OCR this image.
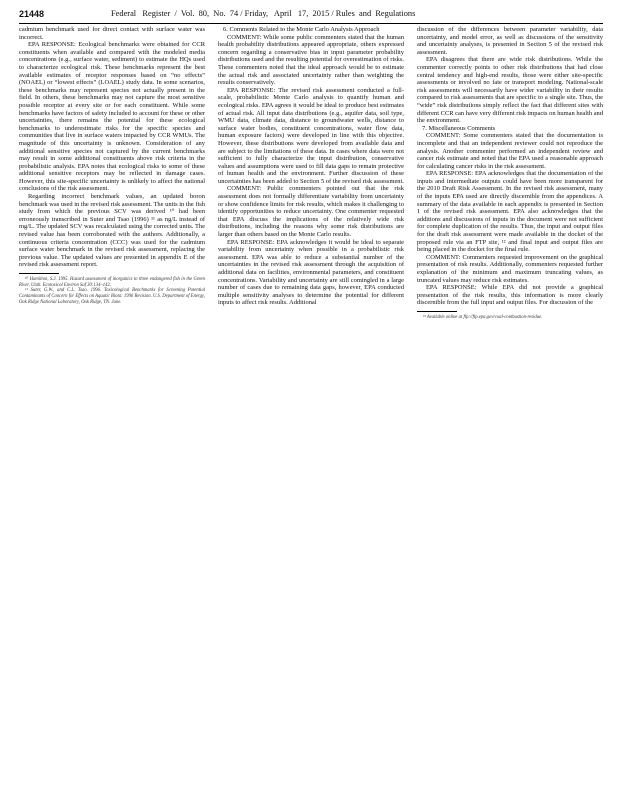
21448	Federal   Register  /  Vol.  80,  No.  74 / Friday,   April   17,  2015 / Rules  and  Regulations

cadmium benchmark used for direct contact with surface water was incorrect.

EPA RESPONSE: Ecological benchmarks were obtained for CCR constituents when available and compared with the modeled media concentrations (e.g., surface water, sediment) to estimate the HQs used to characterize ecological risk. These benchmarks represent the best available estimates of receptor responses based on “no effects” (NOAEL) or “lowest effects” (LOAEL) study data. In some scenarios, these benchmarks may represent species not actually present in the field. In others, these benchmarks may not capture the most sensitive possible receptor at every site or for each constituent. While some benchmarks have factors of safety included to account for these or other uncertainties, there remains the potential for these ecological benchmarks to underestimate risks for the specific species and communities that live in surface waters impacted by CCR WMUs. The magnitude of this uncertainty is unknown. Consideration of any additional sensitive species not captured by the current benchmarks may result in some additional constituents above risk criteria in the probabilistic analysis. EPA notes that ecological risks to some of these additional sensitive receptors may be reflected in damage cases. However, this site-specific uncertainty is unlikely to affect the national conclusions of the risk assessment.

Regarding incorrect benchmark values, an updated boron benchmark was used in the revised risk assessment. The units in the fish study from which the previous SCV was derived ¹⁰ had been erroneously transcribed in Suter and Tsao (1996) ¹¹ as ng/L instead of mg/L. The updated SCV was recalculated using the corrected units. The revised value has been corroborated with the authors. Additionally, a continuous criteria concentration (CCC) was used for the cadmium surface water benchmark in the revised risk assessment, replacing the previous value. The updated values are presented in appendix E of the revised risk assessment report.

¹⁰ Hamilton, S.J. 1995. Hazard assessment of inorganics to three endangered fish in the Green River, Utah. Ecotoxicol Environ Saf 30:134–142.

¹¹ Suter, G.W., and C.L. Tsao. 1996. Toxicological Benchmarks for Screening Potential Contaminants of Concern for Effects on Aquatic Biota: 1996 Revision. U.S. Department of Energy, Oak Ridge National Laboratory, Oak Ridge, TN. June.

6. Comments Related to the Monte Carlo Analysis Approach

COMMENT: While some public commenters stated that the human health probability distributions appeared appropriate, others expressed concern regarding a conservative bias in input parameter probability distributions used and the resulting potential for overestimation of risks. These commenters noted that the ideal approach would be to estimate the actual risk and associated uncertainty rather than weighting the results conservatively.

EPA RESPONSE: The revised risk assessment conducted a full-scale, probabilistic Monte Carlo analysis to quantify human and ecological risks. EPA agrees it would be ideal to produce best estimates of actual risk. All input data distributions (e.g., aquifer data, soil type, WMU data, climate data, distance to groundwater wells, distance to surface water bodies, constituent concentrations, water flow data, human exposure factors) were developed in line with this objective. However, these distributions were developed from available data and are subject to the limitations of these data. In cases where data were not sufficient to fully characterize the input distribution, conservative values and assumptions were used to fill data gaps to remain protective of human health and the environment. Further discussion of these uncertainties has been added to Section 5 of the revised risk assessment.

COMMENT: Public commenters pointed out that the risk assessment does not formally differentiate variability from uncertainty or show confidence limits for risk results, which makes it challenging to identify opportunities to reduce uncertainty. One commenter requested that EPA discuss the implications of the relatively wide risk distributions, including the reasons why some risk distributions are larger than others based on the Monte Carlo results.

EPA RESPONSE: EPA acknowledges it would be ideal to separate variability from uncertainty when possible in a probabilistic risk assessment. EPA was able to reduce a substantial number of the uncertainties in the revised risk assessment through the acquisition of additional data on facilities, environmental parameters, and constituent concentrations. Variability and uncertainty are still comingled in a large number of cases due to remaining data gaps, however, EPA conducted multiple sensitivity analyses to determine the potential for different inputs to affect risk results. Additional

discussion of the differences between parameter variability, data uncertainty, and model error, as well as discussions of the sensitivity and uncertainty analyses, is presented in Section 5 of the revised risk assessment.

EPA disagrees that there are wide risk distributions. While the commenter correctly points to other risk distributions that had close central tendency and high-end results, those were either site-specific assessments or involved no fate or transport modeling. National-scale risk assessments will necessarily have wider variability in their results compared to risk assessments that are specific to a single site. Thus, the “wide” risk distributions simply reflect the fact that different sites with different CCR can have very different risk impacts on human health and the environment.

7. Miscellaneous Comments

COMMENT: Some commenters stated that the documentation is incomplete and that an independent reviewer could not reproduce the analysis. Another commenter performed an independent review and cancer risk estimate and noted that the EPA used a reasonable approach for calculating cancer risks in the risk assessment.

EPA RESPONSE: EPA acknowledges that the documentation of the inputs and intermediate outputs could have been more transparent for the 2010 Draft Risk Assessment. In the revised risk assessment, many of the inputs EPA used are directly discernible from the appendices. A summary of the data available in each appendix is presented in Section 1 of the revised risk assessment. EPA also acknowledges that the additions and discussions of inputs in the document were not sufficient for complete duplication of the results. Thus, the input and output files for the draft risk assessment were made available in the docket of the proposed rule via an FTP site, ¹² and final input and output files are being placed in the docket for the final rule.

COMMENT: Commenters requested improvement on the graphical presentation of risk results. Additionally, commenters requested further explanation of the minimum and maximum truncating values, as truncated values may reduce risk estimates.

EPA RESPONSE: While EPA did not provide a graphical presentation of the risk results, this information is more clearly discernible from the full input and output files. For discussion of the

¹² Available online at ftp://ftp.epa.gov/coal-combustion-residue.
